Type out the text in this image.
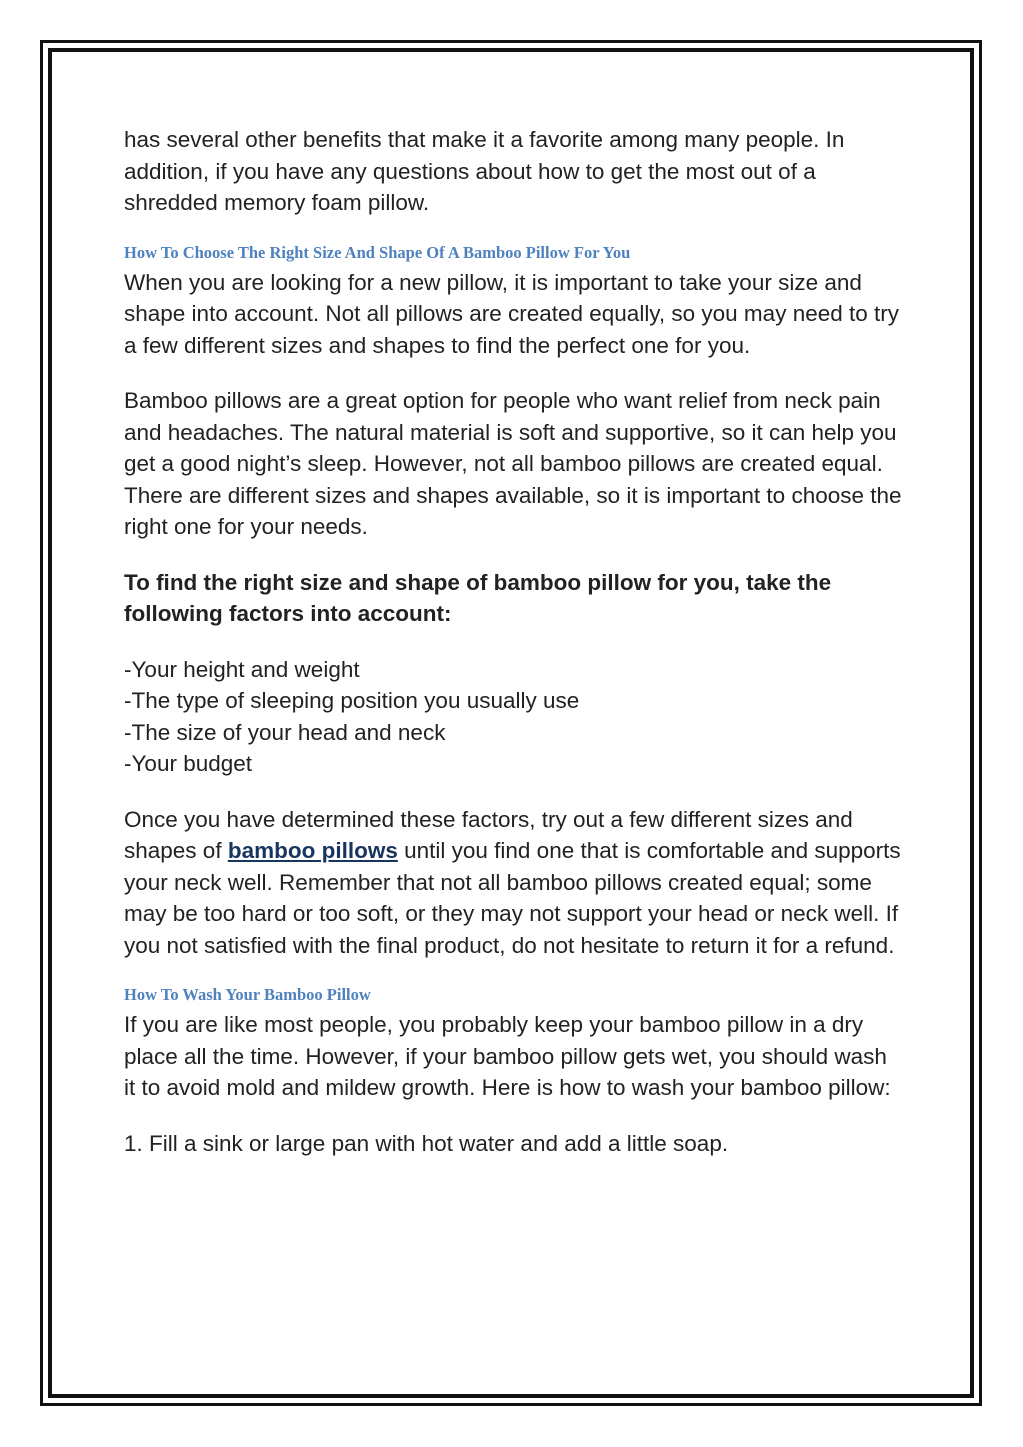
has several other benefits that make it a favorite among many people. In addition, if you have any questions about how to get the most out of a shredded memory foam pillow.

How To Choose The Right Size And Shape Of A Bamboo Pillow For You

When you are looking for a new pillow, it is important to take your size and shape into account. Not all pillows are created equally, so you may need to try a few different sizes and shapes to find the perfect one for you.

Bamboo pillows are a great option for people who want relief from neck pain and headaches. The natural material is soft and supportive, so it can help you get a good night’s sleep. However, not all bamboo pillows are created equal. There are different sizes and shapes available, so it is important to choose the right one for your needs.

To find the right size and shape of bamboo pillow for you, take the following factors into account:

-Your height and weight
-The type of sleeping position you usually use
-The size of your head and neck
-Your budget

Once you have determined these factors, try out a few different sizes and shapes of bamboo pillows until you find one that is comfortable and supports your neck well. Remember that not all bamboo pillows created equal; some may be too hard or too soft, or they may not support your head or neck well. If you not satisfied with the final product, do not hesitate to return it for a refund.

How To Wash Your Bamboo Pillow

If you are like most people, you probably keep your bamboo pillow in a dry place all the time. However, if your bamboo pillow gets wet, you should wash it to avoid mold and mildew growth. Here is how to wash your bamboo pillow:

1. Fill a sink or large pan with hot water and add a little soap.
